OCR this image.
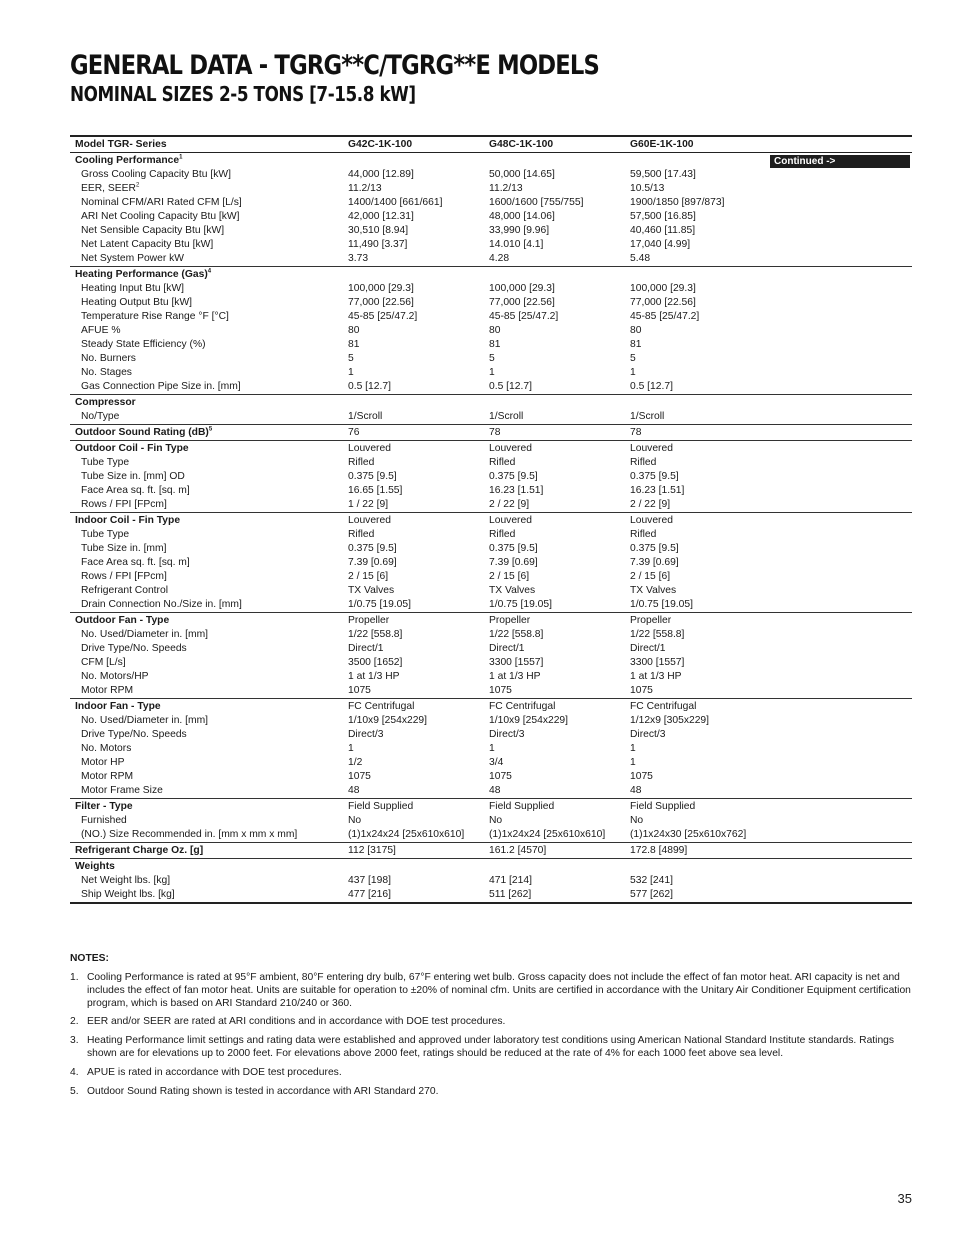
GENERAL DATA - TGRG**C/TGRG**E MODELS
NOMINAL SIZES 2-5 TONS [7-15.8 kW]
Model TGR- Series	G42C-1K-100	G48C-1K-100	G60E-1K-100	
Cooling Performance$^1$				Continued ->

Gross Cooling Capacity Btu [kW]	44,000 [12.89]	50,000 [14.65]	59,500 [17.43]	
EER, SEER$^2$	11.2/13	11.2/13	10.5/13	
Nominal CFM/ARI Rated CFM [L/s]	1400/1400 [661/661]	1600/1600 [755/755]	1900/1850 [897/873]	
ARI Net Cooling Capacity Btu [kW]	42,000 [12.31]	48,000 [14.06]	57,500 [16.85]	
Net Sensible Capacity Btu [kW]	30,510 [8.94]	33,990 [9.96]	40,460 [11.85]	
Net Latent Capacity Btu [kW]	11,490 [3.37]	14.010 [4.1]	17,040 [4.99]	
Net System Power kW	3.73	4.28	5.48	
Heating Performance (Gas)$^4$				
Heating Input Btu [kW]	100,000 [29.3]	100,000 [29.3]	100,000 [29.3]	
Heating Output Btu [kW]	77,000 [22.56]	77,000 [22.56]	77,000 [22.56]	
Temperature Rise Range °F [°C]	45-85 [25/47.2]	45-85 [25/47.2]	45-85 [25/47.2]	
AFUE %	80	80	80	
Steady State Efficiency (%)	81	81	81	
No. Burners	5	5	5	
No. Stages	1	1	1	
Gas Connection Pipe Size in. [mm]	0.5 [12.7]	0.5 [12.7]	0.5 [12.7]	
Compressor				
No/Type	1/Scroll	1/Scroll	1/Scroll	
Outdoor Sound Rating (dB)$^5$	76	78	78	
Outdoor Coil - Fin Type	Louvered	Louvered	Louvered	
Tube Type	Rifled	Rifled	Rifled	
Tube Size in. [mm] OD	0.375 [9.5]	0.375 [9.5]	0.375 [9.5]	
Face Area sq. ft. [sq. m]	16.65 [1.55]	16.23 [1.51]	16.23 [1.51]	
Rows / FPI [FPcm]	1 / 22 [9]	2 / 22 [9]	2 / 22 [9]	
Indoor Coil - Fin Type	Louvered	Louvered	Louvered	
Tube Type	Rifled	Rifled	Rifled	
Tube Size in. [mm]	0.375 [9.5]	0.375 [9.5]	0.375 [9.5]	
Face Area sq. ft. [sq. m]	7.39 [0.69]	7.39 [0.69]	7.39 [0.69]	
Rows / FPI [FPcm]	2 / 15 [6]	2 / 15 [6]	2 / 15 [6]	
Refrigerant Control	TX Valves	TX Valves	TX Valves	
Drain Connection No./Size in. [mm]	1/0.75 [19.05]	1/0.75 [19.05]	1/0.75 [19.05]	
Outdoor Fan - Type	Propeller	Propeller	Propeller	
No. Used/Diameter in. [mm]	1/22 [558.8]	1/22 [558.8]	1/22 [558.8]	
Drive Type/No. Speeds	Direct/1	Direct/1	Direct/1	
CFM [L/s]	3500 [1652]	3300 [1557]	3300 [1557]	
No. Motors/HP	1 at 1/3 HP	1 at 1/3 HP	1 at 1/3 HP	
Motor RPM	1075	1075	1075	
Indoor Fan - Type	FC Centrifugal	FC Centrifugal	FC Centrifugal	
No. Used/Diameter in. [mm]	1/10x9 [254x229]	1/10x9 [254x229]	1/12x9 [305x229]	
Drive Type/No. Speeds	Direct/3	Direct/3	Direct/3	
No. Motors	1	1	1	
Motor HP	1/2	3/4	1	
Motor RPM	1075	1075	1075	
Motor Frame Size	48	48	48	
Filter - Type	Field Supplied	Field Supplied	Field Supplied	
Furnished	No	No	No	
(NO.) Size Recommended in. [mm x mm x mm]	(1)1x24x24 [25x610x610]	(1)1x24x24 [25x610x610]	(1)1x24x30 [25x610x762]	
Refrigerant Charge Oz. [g]	112 [3175]	161.2 [4570]	172.8 [4899]	
Weights				
Net Weight lbs. [kg]	437 [198]	471 [214]	532 [241]	
Ship Weight lbs. [kg]	477 [216]	511 [262]	577 [262]	
NOTES:
1. Cooling Performance is rated at 95°F ambient, 80°F entering dry bulb, 67°F entering wet bulb. Gross capacity does not include the effect of fan motor heat. ARI capacity is net and includes the effect of fan motor heat. Units are suitable for operation to ±20% of nominal cfm. Units are certified in accordance with the Unitary Air Conditioner Equipment certification program, which is based on ARI Standard 210/240 or 360.
2. EER and/or SEER are rated at ARI conditions and in accordance with DOE test procedures.
3. Heating Performance limit settings and rating data were established and approved under laboratory test conditions using American National Standard Institute standards. Ratings shown are for elevations up to 2000 feet. For elevations above 2000 feet, ratings should be reduced at the rate of 4% for each 1000 feet above sea level.
4. APUE is rated in accordance with DOE test procedures.
5. Outdoor Sound Rating shown is tested in accordance with ARI Standard 270.
35
